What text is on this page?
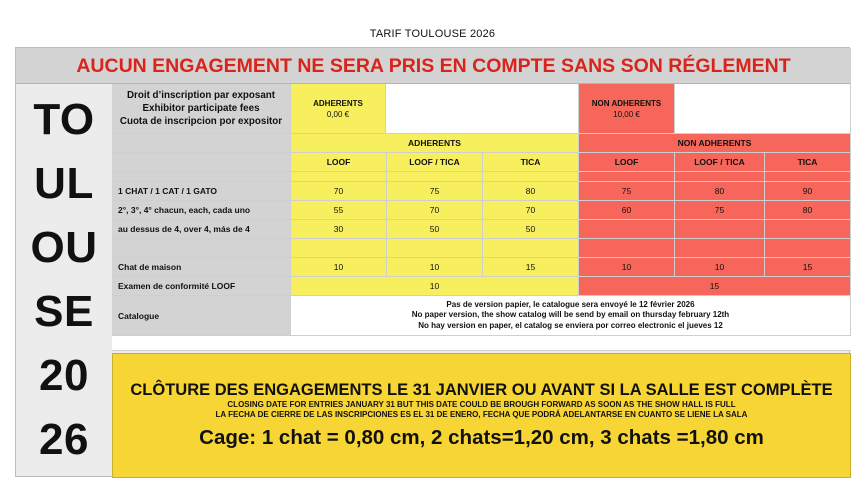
TARIF TOULOUSE 2026
AUCUN ENGAGEMENT NE SERA PRIS EN COMPTE SANS SON RÉGLEMENT
TO
UL
OU
SE
20
26
Droit d’inscription par exposant
Exhibitor participate fees
Cuota de inscripcion por expositor
ADHERENTS
0,00 €
NON ADHERENTS
10,00 €
ADHERENTS	NON ADHERENTS
LOOF	LOOF / TICA	TICA	LOOF	LOOF / TICA	TICA
1 CHAT / 1 CAT / 1 GATO	70	75	80	75	80	90
2°, 3°, 4° chacun, each, cada uno	55	70	70	60	75	80
au dessus de 4, over 4, más de 4	30	50	50
Chat de maison	10	10	15	10	10	15
Examen de conformité LOOF	10	15
Catalogue
Pas de version papier, le catalogue sera envoyé le 12 février 2026
No paper version, the show catalog will be send by email on thursday february 12th
No hay version en paper, el catalog se enviera por correo electronic el jueves 12
CLÔTURE DES ENGAGEMENTS LE 31 JANVIER OU AVANT SI LA SALLE EST COMPLÈTE
CLOSING DATE FOR ENTRIES JANUARY 31 BUT THIS DATE COULD BE BROUGH FORWARD AS SOON AS THE SHOW HALL IS FULL
LA FECHA DE CIERRE DE LAS INSCRIPCIONES ES EL 31 DE ENERO, FECHA QUE PODRÁ ADELANTARSE EN CUANTO SE LIENE LA SALA
Cage: 1 chat = 0,80 cm, 2 chats=1,20 cm, 3 chats =1,80 cm
